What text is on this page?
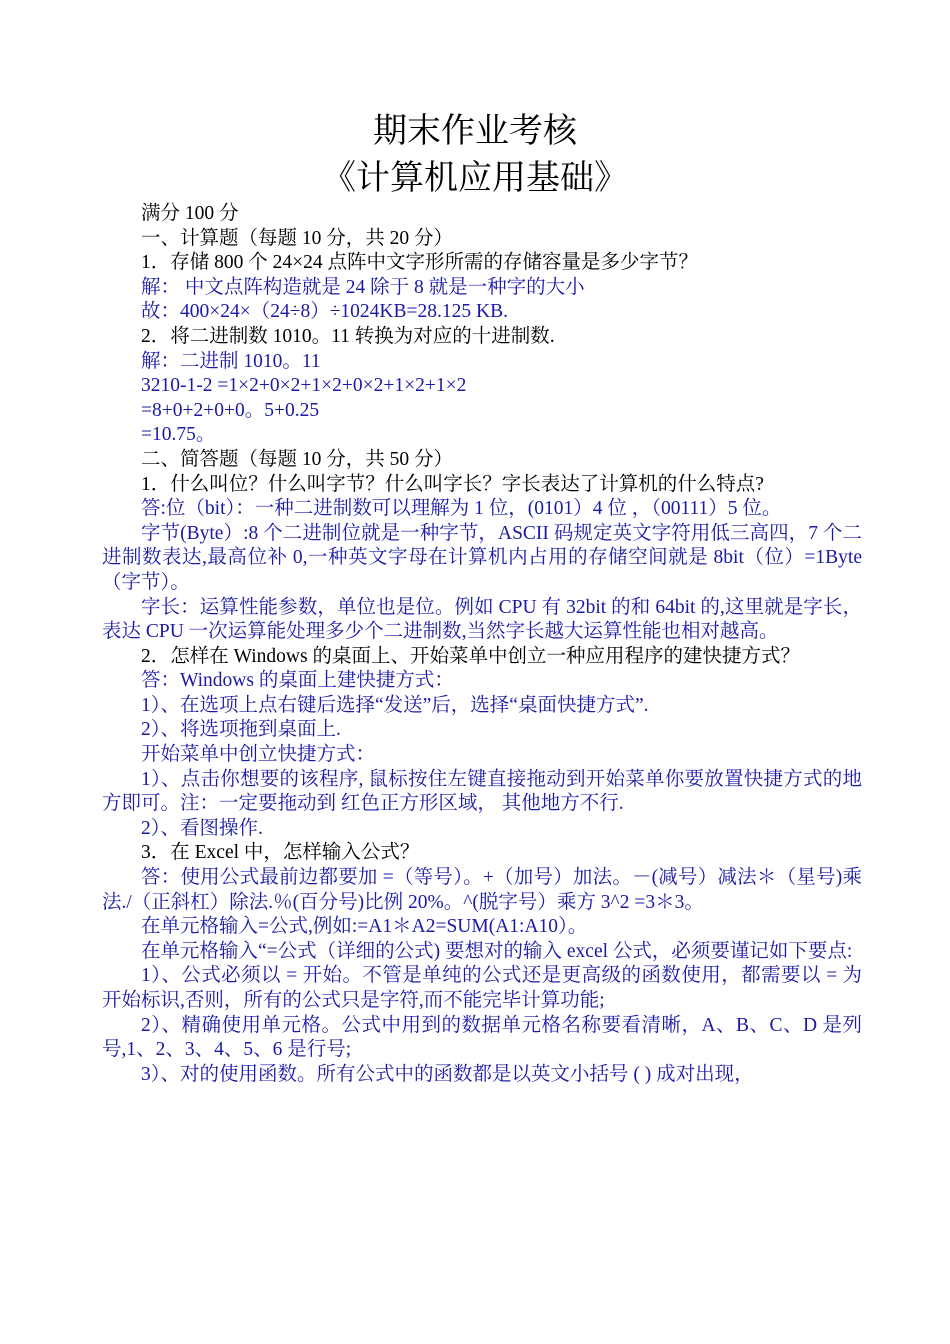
期末作业考核
《计算机应用基础》

满分 100 分

一、计算题（每题 10 分，共 20 分）

1．存储 800 个 24×24 点阵中文字形所需的存储容量是多少字节？

解： 中文点阵构造就是 24 除于 8 就是一种字的大小

故：400×24×（24÷8）÷1024KB=28.125 KB.

2．将二进制数 1010。11 转换为对应的十进制数.

解：二进制 1010。11

3210-1-2 =1×2+0×2+1×2+0×2+1×2+1×2

=8+0+2+0+0。5+0.25

=10.75。

二、简答题（每题 10 分，共 50 分）

1．什么叫位？什么叫字节？什么叫字长？字长表达了计算机的什么特点?

答:位（bit）：一种二进制数可以理解为 1 位，(0101）4 位 ，（00111）5 位。

字节(Byte）:8 个二进制位就是一种字节，ASCII 码规定英文字符用低三高四，7 个二进制数表达,最高位补 0,一种英文字母在计算机内占用的存储空间就是 8bit（位）=1Byte（字节）。

字长：运算性能参数，单位也是位。例如 CPU 有 32bit 的和 64bit 的,这里就是字长，表达 CPU 一次运算能处理多少个二进制数,当然字长越大运算性能也相对越高。

2．怎样在 Windows 的桌面上、开始菜单中创立一种应用程序的建快捷方式？

答：Windows 的桌面上建快捷方式：

1）、在选项上点右键后选择“发送”后，选择“桌面快捷方式”.

2）、将选项拖到桌面上.

开始菜单中创立快捷方式：

1）、点击你想要的该程序, 鼠标按住左键直接拖动到开始菜单你要放置快捷方式的地方即可。注：一定要拖动到 红色正方形区域， 其他地方不行.

2）、看图操作.

3．在 Excel 中，怎样输入公式？

答：使用公式最前边都要加 =（等号）。+（加号）加法。－(减号）减法＊（星号)乘法./（正斜杠）除法.％(百分号)比例 20%。^(脱字号）乘方 3^2 =3＊3。

在单元格输入=公式,例如:=A1＊A2=SUM(A1:A10）。

在单元格输入“=公式（详细的公式) 要想对的输入 excel 公式，必须要谨记如下要点:

1）、公式必须以 = 开始。不管是单纯的公式还是更高级的函数使用，都需要以 = 为开始标识,否则，所有的公式只是字符,而不能完毕计算功能;

2）、精确使用单元格。公式中用到的数据单元格名称要看清晰，A、B、C、D 是列号,1、2、3、4、5、6 是行号;

3）、对的使用函数。所有公式中的函数都是以英文小括号 ( ) 成对出现，
